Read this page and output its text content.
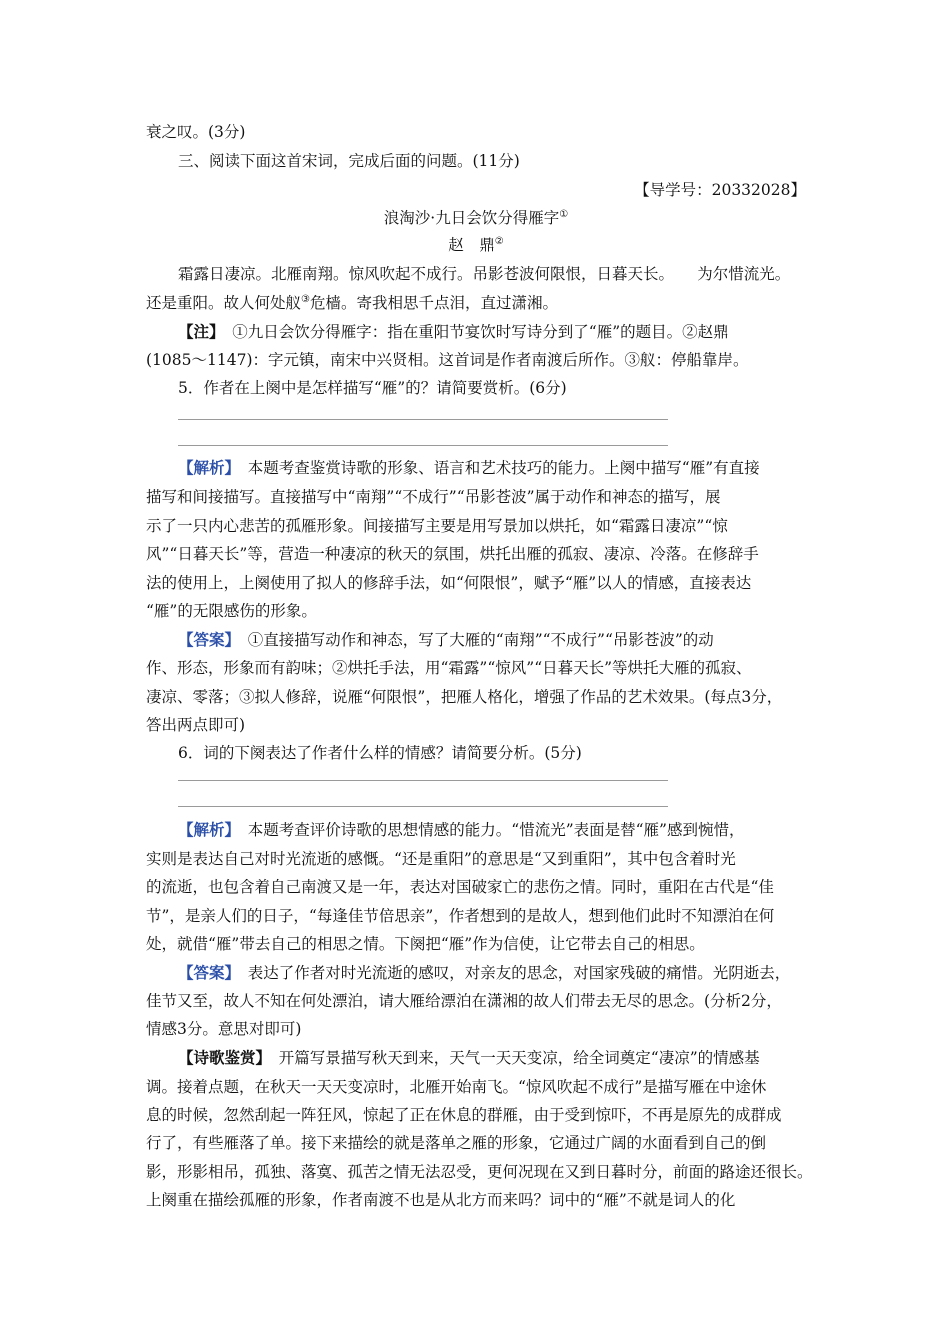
衰之叹。(3分)
三、阅读下面这首宋词，完成后面的问题。(11分)
【导学号：20332028】
浪淘沙·九日会饮分得雁字①
赵　鼎②
霜露日凄凉。北雁南翔。惊风吹起不成行。吊影苍波何限恨，日暮天长。　　为尔惜流光。
还是重阳。故人何处舣③危樯。寄我相思千点泪，直过潇湘。
【注】　①九日会饮分得雁字：指在重阳节宴饮时写诗分到了“雁”的题目。②赵鼎
(1085～1147)：字元镇，南宋中兴贤相。这首词是作者南渡后所作。③舣：停船靠岸。
5．作者在上阕中是怎样描写“雁”的？请简要赏析。(6分)
【解析】　本题考查鉴赏诗歌的形象、语言和艺术技巧的能力。上阕中描写“雁”有直接
描写和间接描写。直接描写中“南翔”“不成行”“吊影苍波”属于动作和神态的描写，展
示了一只内心悲苦的孤雁形象。间接描写主要是用写景加以烘托，如“霜露日凄凉”“惊
风”“日暮天长”等，营造一种凄凉的秋天的氛围，烘托出雁的孤寂、凄凉、冷落。在修辞手
法的使用上，上阕使用了拟人的修辞手法，如“何限恨”，赋予“雁”以人的情感，直接表达
“雁”的无限感伤的形象。
【答案】　①直接描写动作和神态，写了大雁的“南翔”“不成行”“吊影苍波”的动
作、形态，形象而有韵味；②烘托手法，用“霜露”“惊风”“日暮天长”等烘托大雁的孤寂、
凄凉、零落；③拟人修辞，说雁“何限恨”，把雁人格化，增强了作品的艺术效果。(每点3分，
答出两点即可)
6．词的下阕表达了作者什么样的情感？请简要分析。(5分)
【解析】　本题考查评价诗歌的思想情感的能力。“惜流光”表面是替“雁”感到惋惜，
实则是表达自己对时光流逝的感慨。“还是重阳”的意思是“又到重阳”，其中包含着时光
的流逝，也包含着自己南渡又是一年，表达对国破家亡的悲伤之情。同时，重阳在古代是“佳
节”，是亲人们的日子，“每逢佳节倍思亲”，作者想到的是故人，想到他们此时不知漂泊在何
处，就借“雁”带去自己的相思之情。下阕把“雁”作为信使，让它带去自己的相思。
【答案】　表达了作者对时光流逝的感叹，对亲友的思念，对国家残破的痛惜。光阴逝去，
佳节又至，故人不知在何处漂泊，请大雁给漂泊在潇湘的故人们带去无尽的思念。(分析2分，
情感3分。意思对即可)
【诗歌鉴赏】　开篇写景描写秋天到来，天气一天天变凉，给全词奠定“凄凉”的情感基
调。接着点题，在秋天一天天变凉时，北雁开始南飞。“惊风吹起不成行”是描写雁在中途休
息的时候，忽然刮起一阵狂风，惊起了正在休息的群雁，由于受到惊吓，不再是原先的成群成
行了，有些雁落了单。接下来描绘的就是落单之雁的形象，它通过广阔的水面看到自己的倒
影，形影相吊，孤独、落寞、孤苦之情无法忍受，更何况现在又到日暮时分，前面的路途还很长。
上阕重在描绘孤雁的形象，作者南渡不也是从北方而来吗？词中的“雁”不就是词人的化
